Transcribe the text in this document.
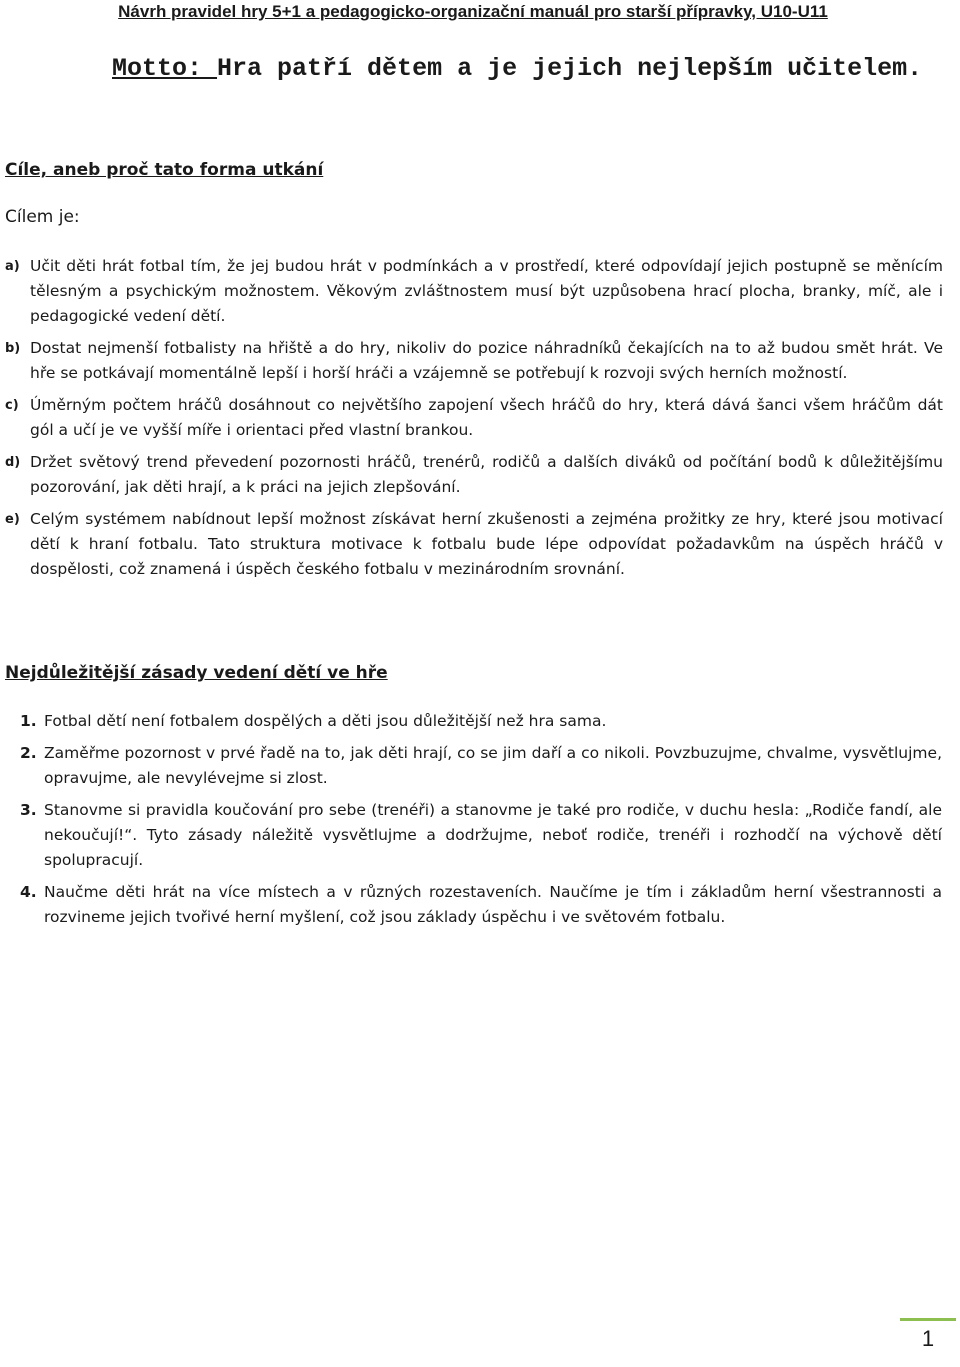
Návrh pravidel hry 5+1 a pedagogicko-organizační manuál pro starší přípravky, U10-U11

Motto: Hra patří dětem a je jejich nejlepším učitelem.

Cíle, aneb proč tato forma utkání

Cílem je:

a) Učit děti hrát fotbal tím, že jej budou hrát v podmínkách a v prostředí, které odpovídají jejich postupně se měnícím tělesným a psychickým možnostem. Věkovým zvláštnostem musí být uzpůsobena hrací plocha, branky, míč, ale i pedagogické vedení dětí.
b) Dostat nejmenší fotbalisty na hřiště a do hry, nikoliv do pozice náhradníků čekajících na to až budou smět hrát. Ve hře se potkávají momentálně lepší i horší hráči a vzájemně se potřebují k rozvoji svých herních možností.
c) Úměrným počtem hráčů dosáhnout co největšího zapojení všech hráčů do hry, která dává šanci všem hráčům dát gól a učí je ve vyšší míře i orientaci před vlastní brankou.
d) Držet světový trend převedení pozornosti hráčů, trenérů, rodičů a dalších diváků od počítání bodů k důležitějšímu pozorování, jak děti hrají, a k práci na jejich zlepšování.
e) Celým systémem nabídnout lepší možnost získávat herní zkušenosti a zejména prožitky ze hry, které jsou motivací dětí k hraní fotbalu. Tato struktura motivace k fotbalu bude lépe odpovídat požadavkům na úspěch hráčů v dospělosti, což znamená i úspěch českého fotbalu v mezinárodním srovnání.
Nejdůležitější zásady vedení dětí ve hře
1. Fotbal dětí není fotbalem dospělých a děti jsou důležitější než hra sama.
2. Zaměřme pozornost v prvé řadě na to, jak děti hrají, co se jim daří a co nikoli. Povzbuzujme, chvalme, vysvětlujme, opravujme, ale nevylévejme si zlost.
3. Stanovme si pravidla koučování pro sebe (trenéři) a stanovme je také pro rodiče, v duchu hesla: „Rodiče fandí, ale nekoučují!“. Tyto zásady náležitě vysvětlujme a dodržujme, neboť rodiče, trenéři i rozhodčí na výchově dětí spolupracují.
4. Naučme děti hrát na více místech a v různých rozestaveních. Naučíme je tím i základům herní všestrannosti a rozvineme jejich tvořivé herní myšlení, což jsou základy úspěchu i ve světovém fotbalu.
1
